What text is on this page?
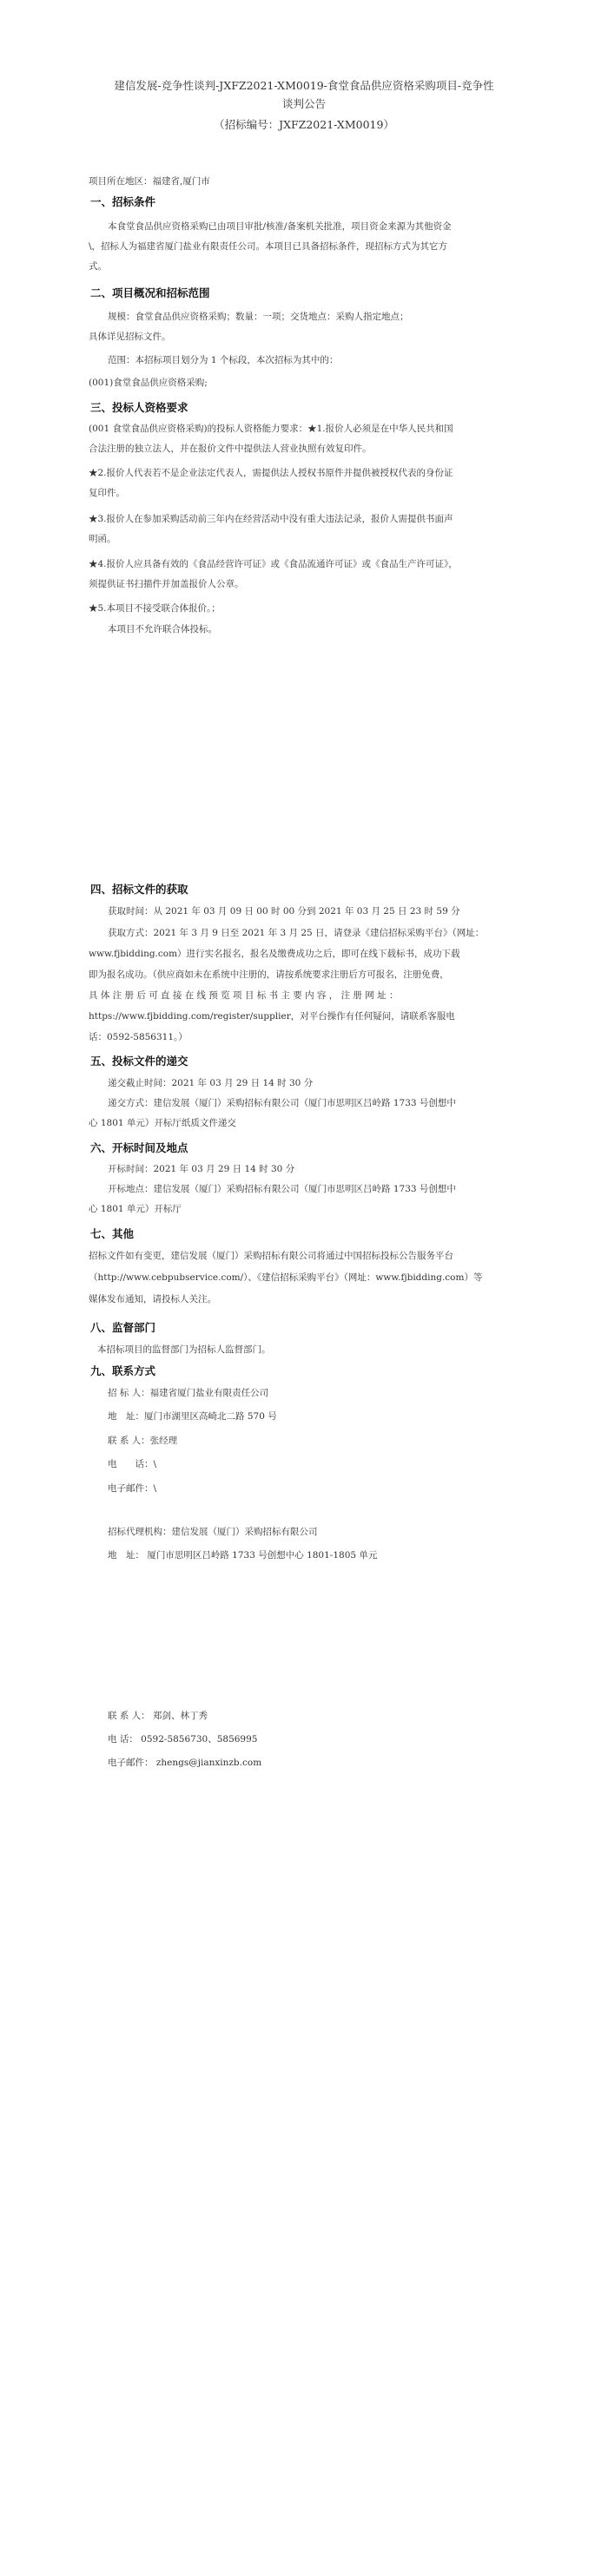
建信发展-竞争性谈判-JXFZ2021-XM0019-食堂食品供应资格采购项目-竞争性
谈判公告
（招标编号：JXFZ2021-XM0019）
项目所在地区：福建省,厦门市
一、招标条件
本食堂食品供应资格采购已由项目审批/核准/备案机关批准，项目资金来源为其他资金
\，招标人为福建省厦门盐业有限责任公司。本项目已具备招标条件，现招标方式为其它方
式。
二、项目概况和招标范围
规模：食堂食品供应资格采购；数量：一项；交货地点：采购人指定地点；
具体详见招标文件。
范围：本招标项目划分为 1 个标段，本次招标为其中的：
(001)食堂食品供应资格采购;
三、投标人资格要求
(001 食堂食品供应资格采购)的投标人资格能力要求：★1.报价人必须是在中华人民共和国
合法注册的独立法人，并在报价文件中提供法人营业执照有效复印件。
★2.报价人代表若不是企业法定代表人，需提供法人授权书原件并提供被授权代表的身份证
复印件。
★3.报价人在参加采购活动前三年内在经营活动中没有重大违法记录，报价人需提供书面声
明函。
★4.报价人应具备有效的《食品经营许可证》或《食品流通许可证》或《食品生产许可证》，
须提供证书扫描件并加盖报价人公章。
★5.本项目不接受联合体报价。；
本项目不允许联合体投标。
四、招标文件的获取
获取时间：从 2021 年 03 月 09 日 00 时 00 分到 2021 年 03 月 25 日 23 时 59 分
获取方式：2021 年 3 月 9 日至 2021 年 3 月 25 日，请登录《建信招标采购平台》（网址：
www.fjbidding.com）进行实名报名，报名及缴费成功之后，即可在线下载标书，成功下载
即为报名成功。（供应商如未在系统中注册的，请按系统要求注册后方可报名，注册免费，
具 体 注 册 后 可 直 接 在 线 预 览 项 目 标 书 主 要 内 容 ， 注 册 网 址 ：
https://www.fjbidding.com/register/supplier，对平台操作有任何疑问，请联系客服电
话：0592-5856311。）
五、投标文件的递交
递交截止时间：2021 年 03 月 29 日 14 时 30 分
递交方式：建信发展（厦门）采购招标有限公司（厦门市思明区吕岭路 1733 号创想中
心 1801 单元）开标厅纸质文件递交
六、开标时间及地点
开标时间：2021 年 03 月 29 日 14 时 30 分
开标地点：建信发展（厦门）采购招标有限公司（厦门市思明区吕岭路 1733 号创想中
心 1801 单元）开标厅
七、其他
招标文件如有变更，建信发展（厦门）采购招标有限公司将通过中国招标投标公告服务平台
（http://www.cebpubservice.com/）、《建信招标采购平台》（网址：www.fjbidding.com）等
媒体发布通知，请投标人关注。
八、监督部门
本招标项目的监督部门为招标人监督部门。
九、联系方式
招 标 人：福建省厦门盐业有限责任公司
地　址：厦门市湖里区高崎北二路 570 号
联 系 人：张经理
电　　话：\
电子邮件：\
招标代理机构：建信发展（厦门）采购招标有限公司
地　址： 厦门市思明区吕岭路 1733 号创想中心 1801-1805 单元
联 系 人： 郑剑、林丁秀
电 话： 0592-5856730、5856995
电子邮件： zhengs@jianxinzb.com
